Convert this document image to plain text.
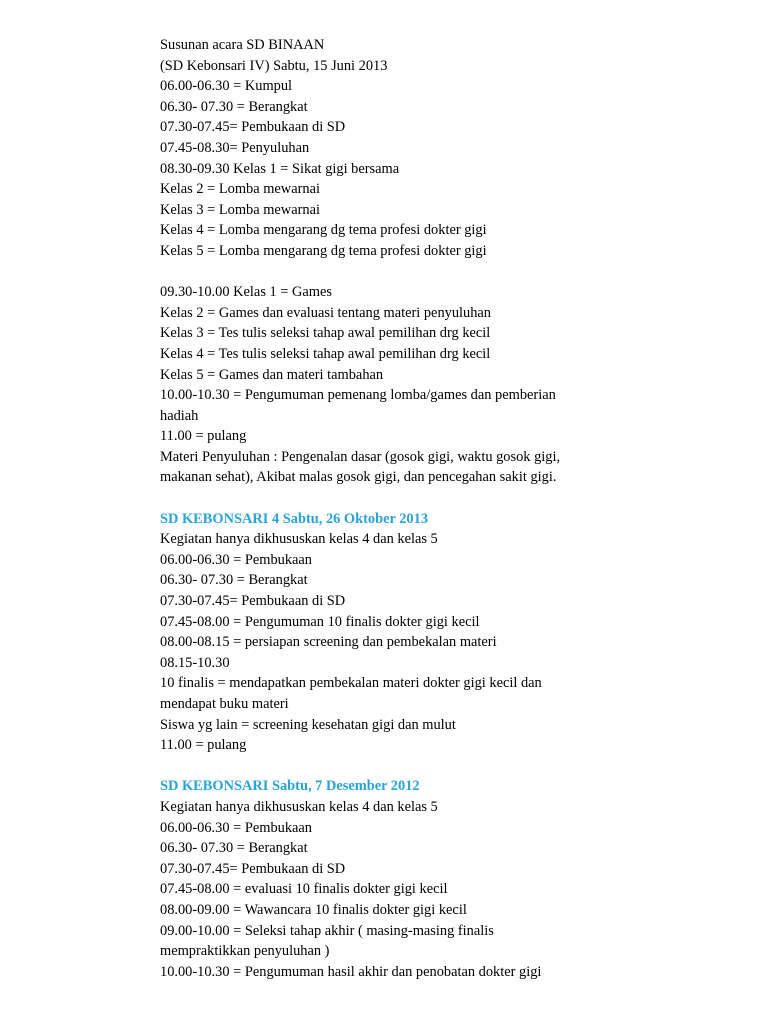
Susunan acara SD BINAAN
(SD Kebonsari IV) Sabtu, 15 Juni 2013
06.00-06.30 = Kumpul
06.30- 07.30 = Berangkat
07.30-07.45= Pembukaan di SD
07.45-08.30= Penyuluhan
08.30-09.30 Kelas 1 = Sikat gigi bersama
Kelas 2 = Lomba mewarnai
Kelas 3 = Lomba mewarnai
Kelas 4 = Lomba mengarang dg tema profesi dokter gigi
Kelas 5 = Lomba mengarang dg tema profesi dokter gigi
09.30-10.00 Kelas 1 = Games
Kelas 2 = Games dan evaluasi tentang materi penyuluhan
Kelas 3 = Tes tulis seleksi tahap awal pemilihan drg kecil
Kelas 4 = Tes tulis seleksi tahap awal pemilihan drg kecil
Kelas 5 = Games dan materi tambahan
10.00-10.30 = Pengumuman pemenang lomba/games dan pemberian
hadiah
11.00 = pulang
Materi Penyuluhan : Pengenalan dasar (gosok gigi, waktu gosok gigi,
makanan sehat), Akibat malas gosok gigi, dan pencegahan sakit gigi.
SD KEBONSARI 4 Sabtu, 26 Oktober 2013
Kegiatan hanya dikhususkan kelas 4 dan kelas 5
06.00-06.30 = Pembukaan
06.30- 07.30 = Berangkat
07.30-07.45= Pembukaan di SD
07.45-08.00 = Pengumuman 10 finalis dokter gigi kecil
08.00-08.15 = persiapan screening dan pembekalan materi
08.15-10.30
10 finalis = mendapatkan pembekalan materi dokter gigi kecil dan
mendapat buku materi
Siswa yg lain = screening kesehatan gigi dan mulut
11.00 = pulang
SD KEBONSARI Sabtu, 7 Desember 2012
Kegiatan hanya dikhususkan kelas 4 dan kelas 5
06.00-06.30 = Pembukaan
06.30- 07.30 = Berangkat
07.30-07.45= Pembukaan di SD
07.45-08.00 = evaluasi 10 finalis dokter gigi kecil
08.00-09.00 = Wawancara 10 finalis dokter gigi kecil
09.00-10.00 = Seleksi tahap akhir ( masing-masing finalis
mempraktikkan penyuluhan )
10.00-10.30 = Pengumuman hasil akhir dan penobatan dokter gigi
